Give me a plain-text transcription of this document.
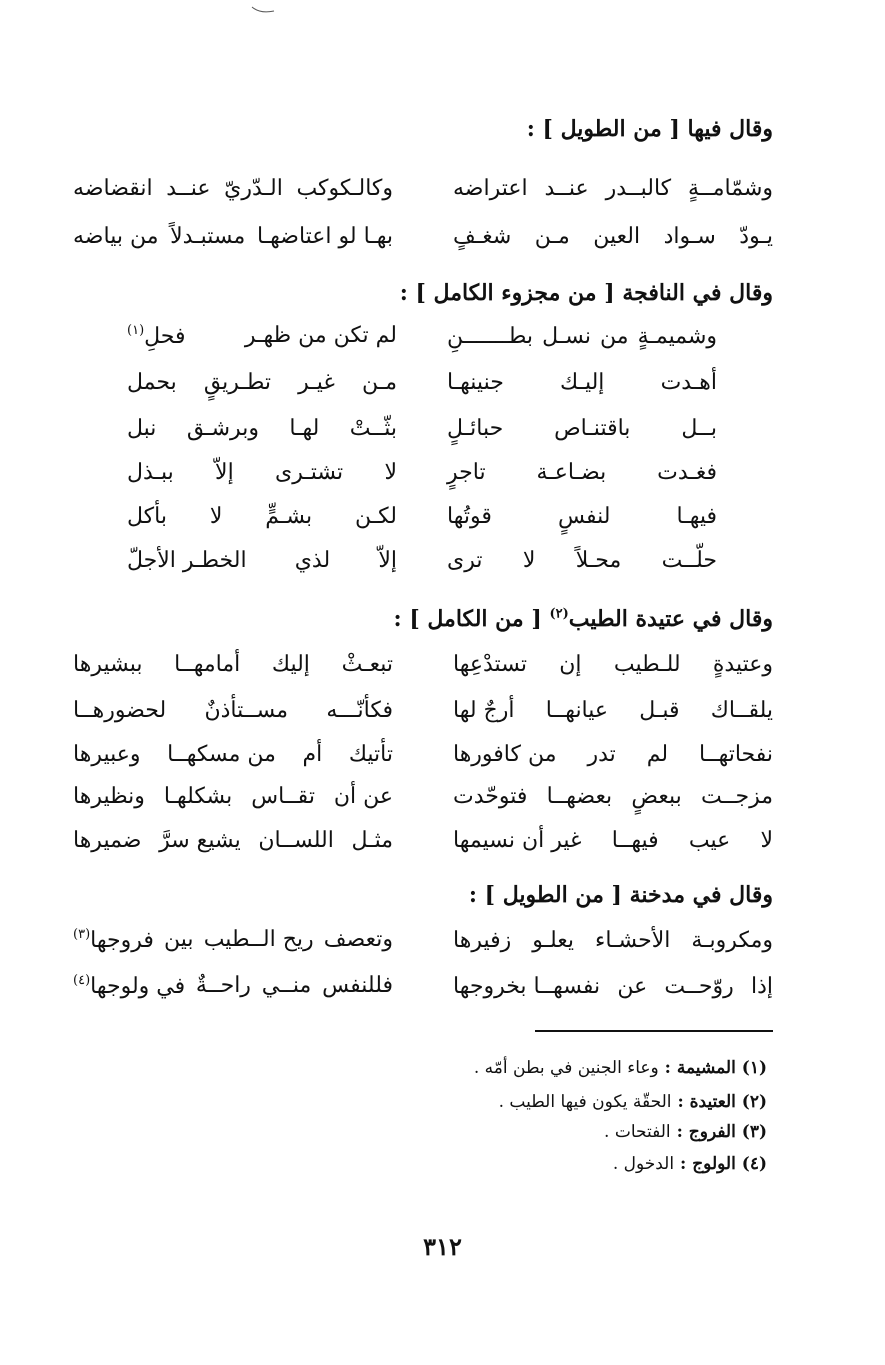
وقال فيها [ من الطويل ] :
وشمّامــةٍ
كالبــدر
عنــد
اعتراضه
وكالـكوكب
الـدّريّ
عنــد
انقضاضه
يـودّ
سـواد
العين
مـن
شغـفٍ
بهـا لو اعتاضهـا
مستبـدلاً
من بياضه
وقال في النافجة [ من مجزوء الكامل ] :
وشميمـةٍ
من
نسـل
بطـــــــنِ
لم تكن من ظهـر
فحلِ$^{(١)}$
أهـدت
إليـك
جنينهـا
مـن
غيـر
تطـريقٍ
بحمل
بــل
باقتنـاص
حبائـلٍ
بثّــتْ
لهـا
وبرشـق
نبل
فغـدت
بضـاعـة
تاجرٍ
لا
تشتـرى
إلاّ
ببـذل
فيهـا
لنفسٍ
قوتُها
لكـن
بشـمٍّ
لا
بأكل
حلّــت
محـلاً
لا
ترى
إلاّ
لذي
الخطـر الأجلّ
وقال في عتيدة الطيب$^{(٢)}$ [ من الكامل ] :
وعتيدةٍ
للـطيب
إن
تستدْعِها
تبعـثْ
إليك
أمامهــا
ببشيرها
يلقــاك
قبـل
عيانهــا
أرجٌ لها
فكأنّـــه
مســتأذنٌ
لحضورهــا
نفحاتهــا
لم
تدر
من كافورها
تأتيك
أم
من مسكهــا
وعبيرها
مزجــت
ببعضٍ
بعضهــا
فتوحّدت
عن أن
تقــاس
بشكلهـا
ونظيرها
لا
عيب
فيهــا
غير أن نسيمها
مثـل
اللســان
يشيع سرَّ
ضميرها
وقال في مدخنة [ من الطويل ] :
ومكروبـة
الأحشـاء
يعلـو
زفيرها
وتعصف
ريح الــطيب
بين
فروجها$^{(٣)}$
إذا
روّحــت
عن
نفسهــا بخروجها
فللنفس
منــي
راحــةٌ
في ولوجها$^{(٤)}$
(١) المشيمة : وعاء الجنين في بطن أمّه .
(٢) العتيدة : الحقّة يكون فيها الطيب .
(٣) الفروج : الفتحات .
(٤) الولوج : الدخول .
٣١٢
